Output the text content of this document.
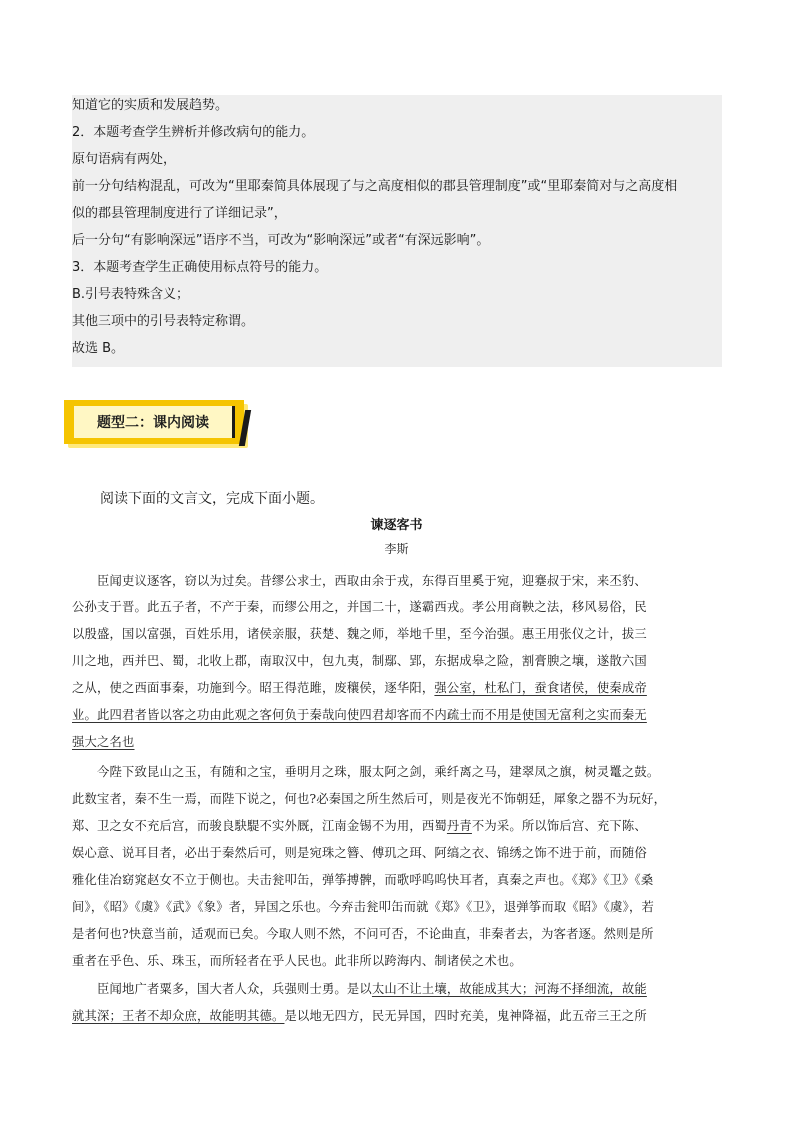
知道它的实质和发展趋势。
2．本题考查学生辨析并修改病句的能力。
原句语病有两处，
前一分句结构混乱，可改为“里耶秦简具体展现了与之高度相似的郡县管理制度”或“里耶秦简对与之高度相
似的郡县管理制度进行了详细记录”，
后一分句“有影响深远”语序不当，可改为“影响深远”或者“有深远影响”。
3．本题考查学生正确使用标点符号的能力。
B.引号表特殊含义；
其他三项中的引号表特定称谓。
故选 B。
题型二：课内阅读
阅读下面的文言文，完成下面小题。
谏逐客书
李斯
　　臣闻吏议逐客，窃以为过矣。昔缪公求士，西取由余于戎，东得百里奚于宛，迎蹇叔于宋，来丕豹、
公孙支于晋。此五子者，不产于秦，而缪公用之，并国二十，遂霸西戎。孝公用商鞅之法，移风易俗，民
以殷盛，国以富强，百姓乐用，诸侯亲服，获楚、魏之师，举地千里，至今治强。惠王用张仪之计，拔三
川之地，西并巴、蜀，北收上郡，南取汉中，包九夷，制鄢、郢，东据成皋之险，割膏腴之壤，遂散六国
之从，使之西面事秦，功施到今。昭王得范雎，废穰侯，逐华阳，强公室，杜私门，蚕食诸侯，使秦成帝
业。此四君者皆以客之功由此观之客何负于秦哉向使四君却客而不内疏士而不用是使国无富利之实而秦无
强大之名也
　　今陛下致昆山之玉，有随和之宝，垂明月之珠，服太阿之剑，乘纤离之马，建翠凤之旗，树灵鼍之鼓。
此数宝者，秦不生一焉，而陛下说之，何也?必秦国之所生然后可，则是夜光不饰朝廷，犀象之器不为玩好，
郑、卫之女不充后宫，而骏良駃騠不实外厩，江南金锡不为用，西蜀丹青不为采。所以饰后宫、充下陈、
娱心意、说耳目者，必出于秦然后可，则是宛珠之簪、傅玑之珥、阿缟之衣、锦绣之饰不进于前，而随俗
雅化佳冶窈窕赵女不立于侧也。夫击瓮叩缶，弹筝搏髀，而歌呼呜呜快耳者，真秦之声也。《郑》《卫》《桑
间》，《昭》《虞》《武》《象》者，异国之乐也。今弃击瓮叩缶而就《郑》《卫》，退弹筝而取《昭》《虞》，若
是者何也?快意当前，适观而已矣。今取人则不然，不问可否，不论曲直，非秦者去，为客者逐。然则是所
重者在乎色、乐、珠玉，而所轻者在乎人民也。此非所以跨海内、制诸侯之术也。
　　臣闻地广者粟多，国大者人众，兵强则士勇。是以太山不让土壤，故能成其大；河海不择细流，故能
就其深；王者不却众庶，故能明其德。是以地无四方，民无异国，四时充美，鬼神降福，此五帝三王之所
